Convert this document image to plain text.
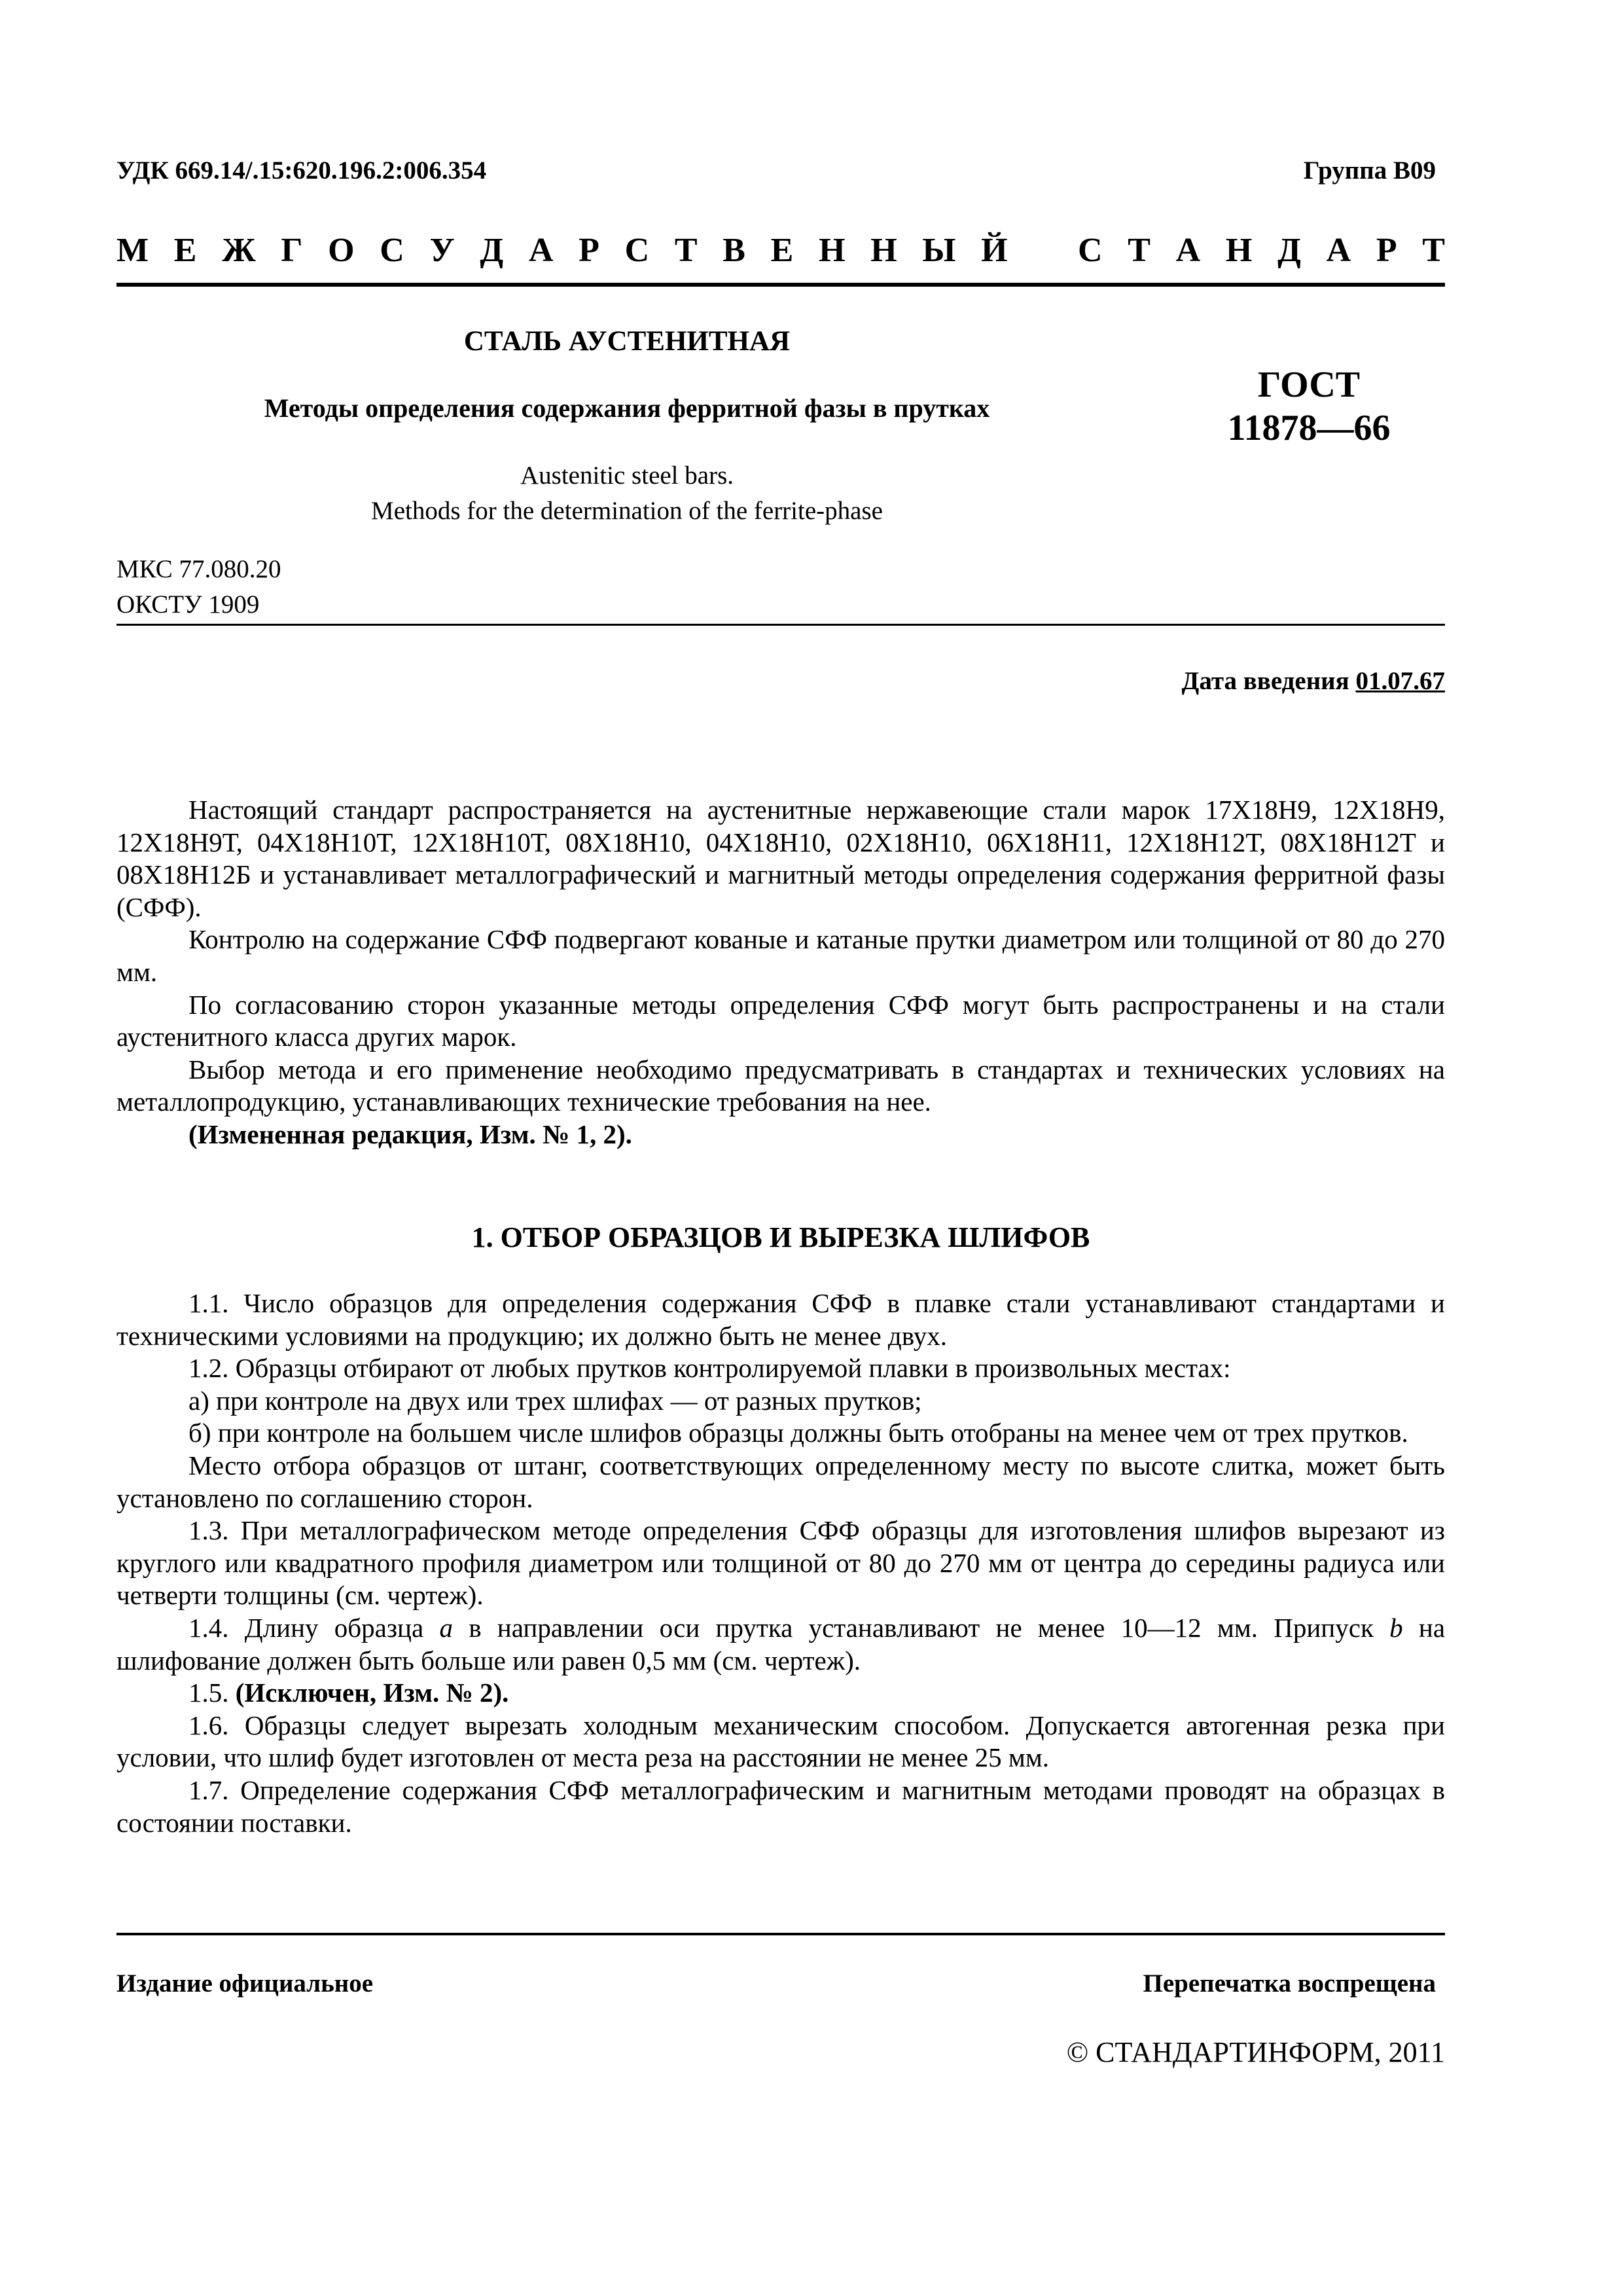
УДК 669.14/.15:620.196.2:006.354	Группа В09
М Е Ж Г О С У Д А Р С Т В Е Н Н Ы Й С Т А Н Д А Р Т
СТАЛЬ АУСТЕНИТНАЯ
Методы определения содержания ферритной фазы в прутках
ГОСТ
11878—66
Austenitic steel bars.
Methods for the determination of the ferrite-phase
МКС 77.080.20
ОКСТУ 1909
Дата введения 01.07.67

Настоящий стандарт распространяется на аустенитные нержавеющие стали марок 17Х18Н9, 12Х18Н9, 12Х18Н9Т, 04Х18Н10Т, 12Х18Н10Т, 08Х18Н10, 04Х18Н10, 02Х18Н10, 06Х18Н11, 12Х18Н12Т, 08Х18Н12Т и 08Х18Н12Б и устанавливает металлографический и магнитный методы определения содержания ферритной фазы (СФФ).

Контролю на содержание СФФ подвергают кованые и катаные прутки диаметром или толщиной от 80 до 270 мм.

По согласованию сторон указанные методы определения СФФ могут быть распространены и на стали аустенитного класса других марок.

Выбор метода и его применение необходимо предусматривать в стандартах и технических условиях на металлопродукцию, устанавливающих технические требования на нее.

(Измененная редакция, Изм. № 1, 2).

1. ОТБОР ОБРАЗЦОВ И ВЫРЕЗКА ШЛИФОВ

1.1. Число образцов для определения содержания СФФ в плавке стали устанавливают стандартами и техническими условиями на продукцию; их должно быть не менее двух.

1.2. Образцы отбирают от любых прутков контролируемой плавки в произвольных местах:

а) при контроле на двух или трех шлифах — от разных прутков;

б) при контроле на большем числе шлифов образцы должны быть отобраны на менее чем от трех прутков.

Место отбора образцов от штанг, соответствующих определенному месту по высоте слитка, может быть установлено по соглашению сторон.

1.3. При металлографическом методе определения СФФ образцы для изготовления шлифов вырезают из круглого или квадратного профиля диаметром или толщиной от 80 до 270 мм от центра до середины радиуса или четверти толщины (см. чертеж).

1.4. Длину образца a в направлении оси прутка устанавливают не менее 10—12 мм. Припуск b на шлифование должен быть больше или равен 0,5 мм (см. чертеж).

1.5. (Исключен, Изм. № 2).

1.6. Образцы следует вырезать холодным механическим способом. Допускается автогенная резка при условии, что шлиф будет изготовлен от места реза на расстоянии не менее 25 мм.

1.7. Определение содержания СФФ металлографическим и магнитным методами проводят на образцах в состоянии поставки.

Издание официальное	Перепечатка воспрещена
© СТАНДАРТИНФОРМ, 2011
